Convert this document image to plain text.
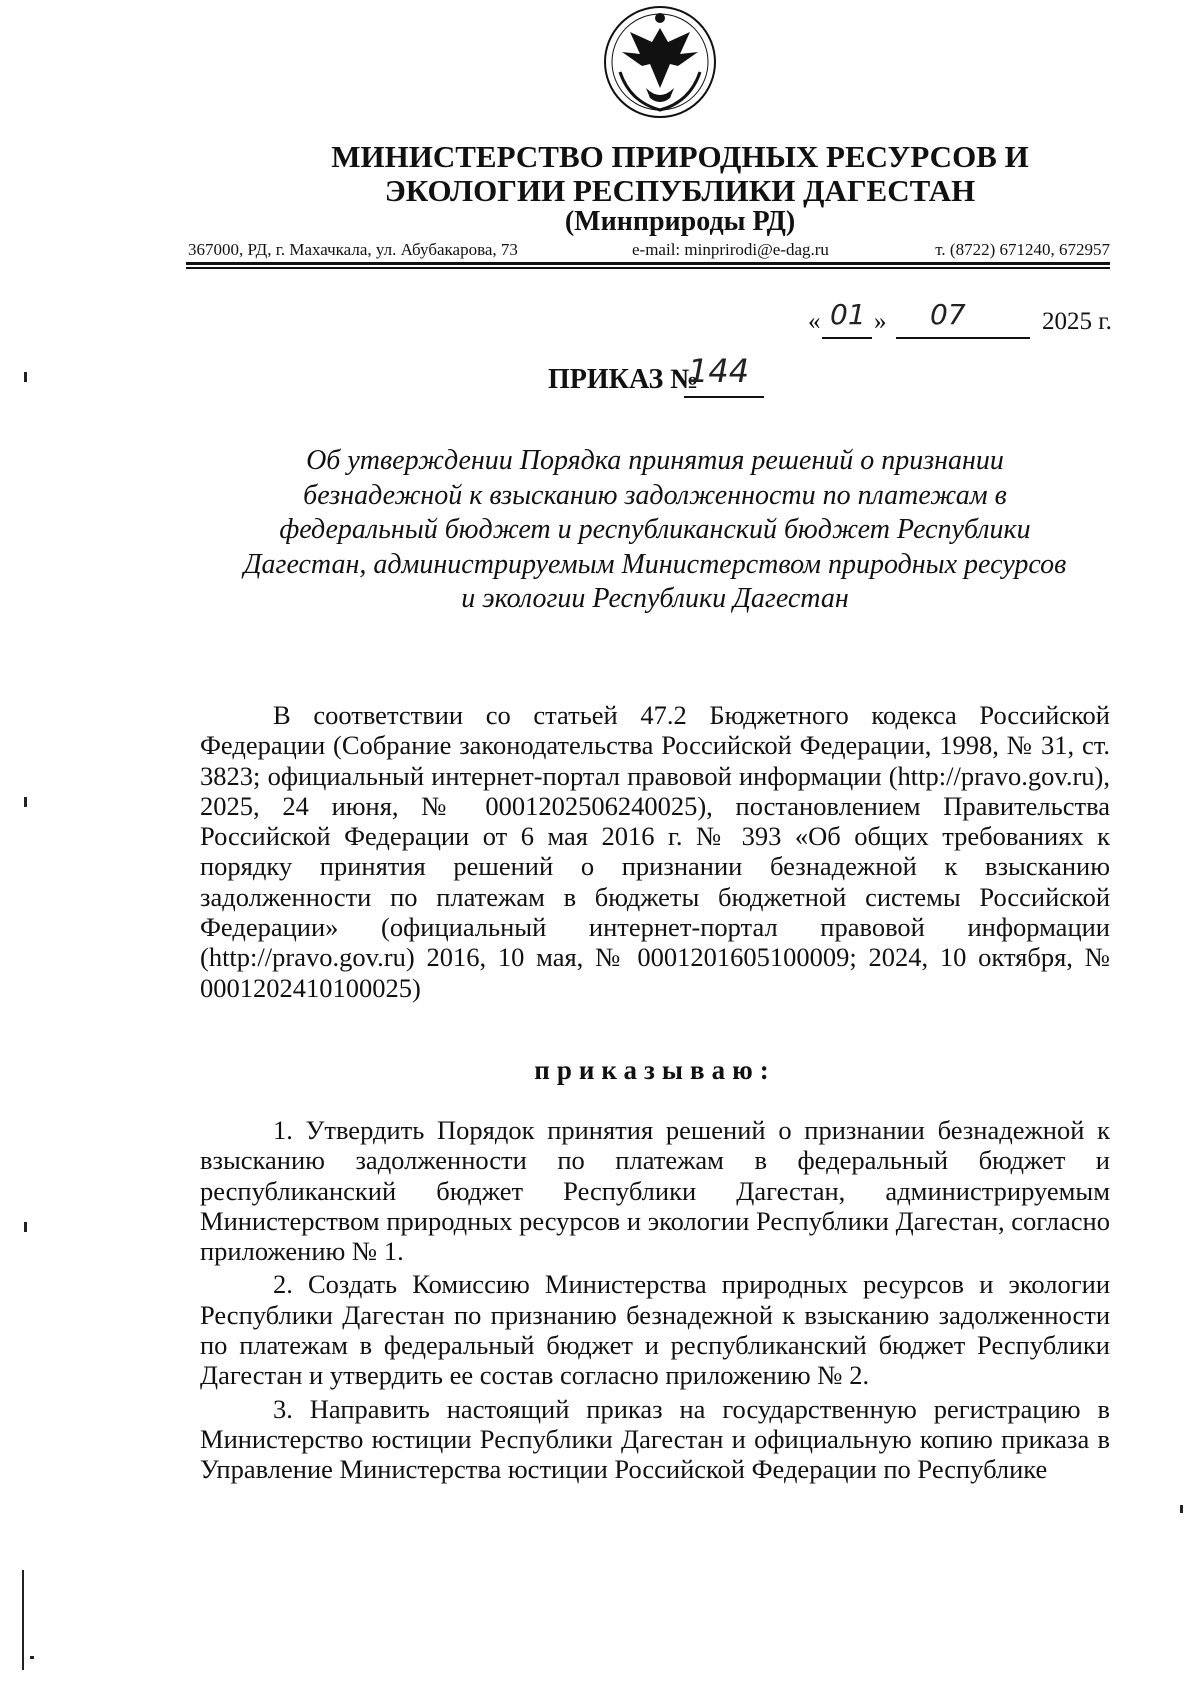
МИНИСТЕРСТВО ПРИРОДНЫХ РЕСУРСОВ И
ЭКОЛОГИИ РЕСПУБЛИКИ ДАГЕСТАН
(Минприроды РД)
367000, РД, г. Махачкала, ул. Абубакарова, 73	e-mail: minprirodi@e-dag.ru	т. (8722) 671240, 672957
« 01 » 07	2025 г.
ПРИКАЗ №
144
Об утверждении Порядка принятия решений о признании
безнадежной к взысканию задолженности по платежам в
федеральный бюджет и республиканский бюджет Республики
Дагестан, администрируемым Министерством природных ресурсов
и экологии Республики Дагестан

В соответствии со статьей 47.2 Бюджетного кодекса Российской Федерации (Собрание законодательства Российской Федерации, 1998, № 31, ст. 3823; официальный интернет-портал правовой информации (http://pravo.gov.ru), 2025, 24 июня, № 0001202506240025), постановлением Правительства Российской Федерации от 6 мая 2016 г. № 393 «Об общих требованиях к порядку принятия решений о признании безнадежной к взысканию задолженности по платежам в бюджеты бюджетной системы Российской Федерации» (официальный интернет-портал правовой информации (http://pravo.gov.ru) 2016, 10 мая, № 0001201605100009; 2024, 10 октября, № 0001202410100025)

приказываю:

1. Утвердить Порядок принятия решений о признании безнадежной к взысканию задолженности по платежам в федеральный бюджет и республиканский бюджет Республики Дагестан, администрируемым Министерством природных ресурсов и экологии Республики Дагестан, согласно приложению № 1.

2. Создать Комиссию Министерства природных ресурсов и экологии Республики Дагестан по признанию безнадежной к взысканию задолженности по платежам в федеральный бюджет и республиканский бюджет Республики Дагестан и утвердить ее состав согласно приложению № 2.

3. Направить настоящий приказ на государственную регистрацию в Министерство юстиции Республики Дагестан и официальную копию приказа в Управление Министерства юстиции Российской Федерации по Республике
